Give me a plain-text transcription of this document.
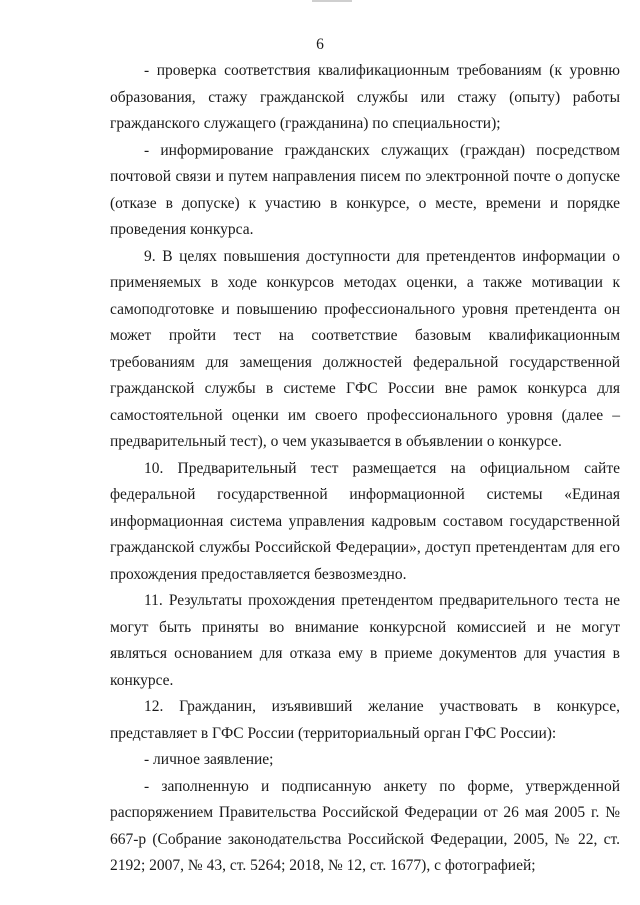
6

- проверка соответствия квалификационным требованиям (к уровню образования, стажу гражданской службы или стажу (опыту) работы гражданского служащего (гражданина) по специальности);

- информирование гражданских служащих (граждан) посредством почтовой связи и путем направления писем по электронной почте о допуске (отказе в допуске) к участию в конкурсе, о месте, времени и порядке проведения конкурса.

9. В целях повышения доступности для претендентов информации о применяемых в ходе конкурсов методах оценки, а также мотивации к самоподготовке и повышению профессионального уровня претендента он может пройти тест на соответствие базовым квалификационным требованиям для замещения должностей федеральной государственной гражданской службы в системе ГФС России вне рамок конкурса для самостоятельной оценки им своего профессионального уровня (далее – предварительный тест), о чем указывается в объявлении о конкурсе.

10. Предварительный тест размещается на официальном сайте федеральной государственной информационной системы «Единая информационная система управления кадровым составом государственной гражданской службы Российской Федерации», доступ претендентам для его прохождения предоставляется безвозмездно.

11. Результаты прохождения претендентом предварительного теста не могут быть приняты во внимание конкурсной комиссией и не могут являться основанием для отказа ему в приеме документов для участия в конкурсе.

12. Гражданин, изъявивший желание участвовать в конкурсе, представляет в ГФС России (территориальный орган ГФС России):

- личное заявление;

- заполненную и подписанную анкету по форме, утвержденной распоряжением Правительства Российской Федерации от 26 мая 2005 г. № 667-р (Собрание законодательства Российской Федерации, 2005, № 22, ст. 2192; 2007, № 43, ст. 5264; 2018, № 12, ст. 1677), с фотографией;
